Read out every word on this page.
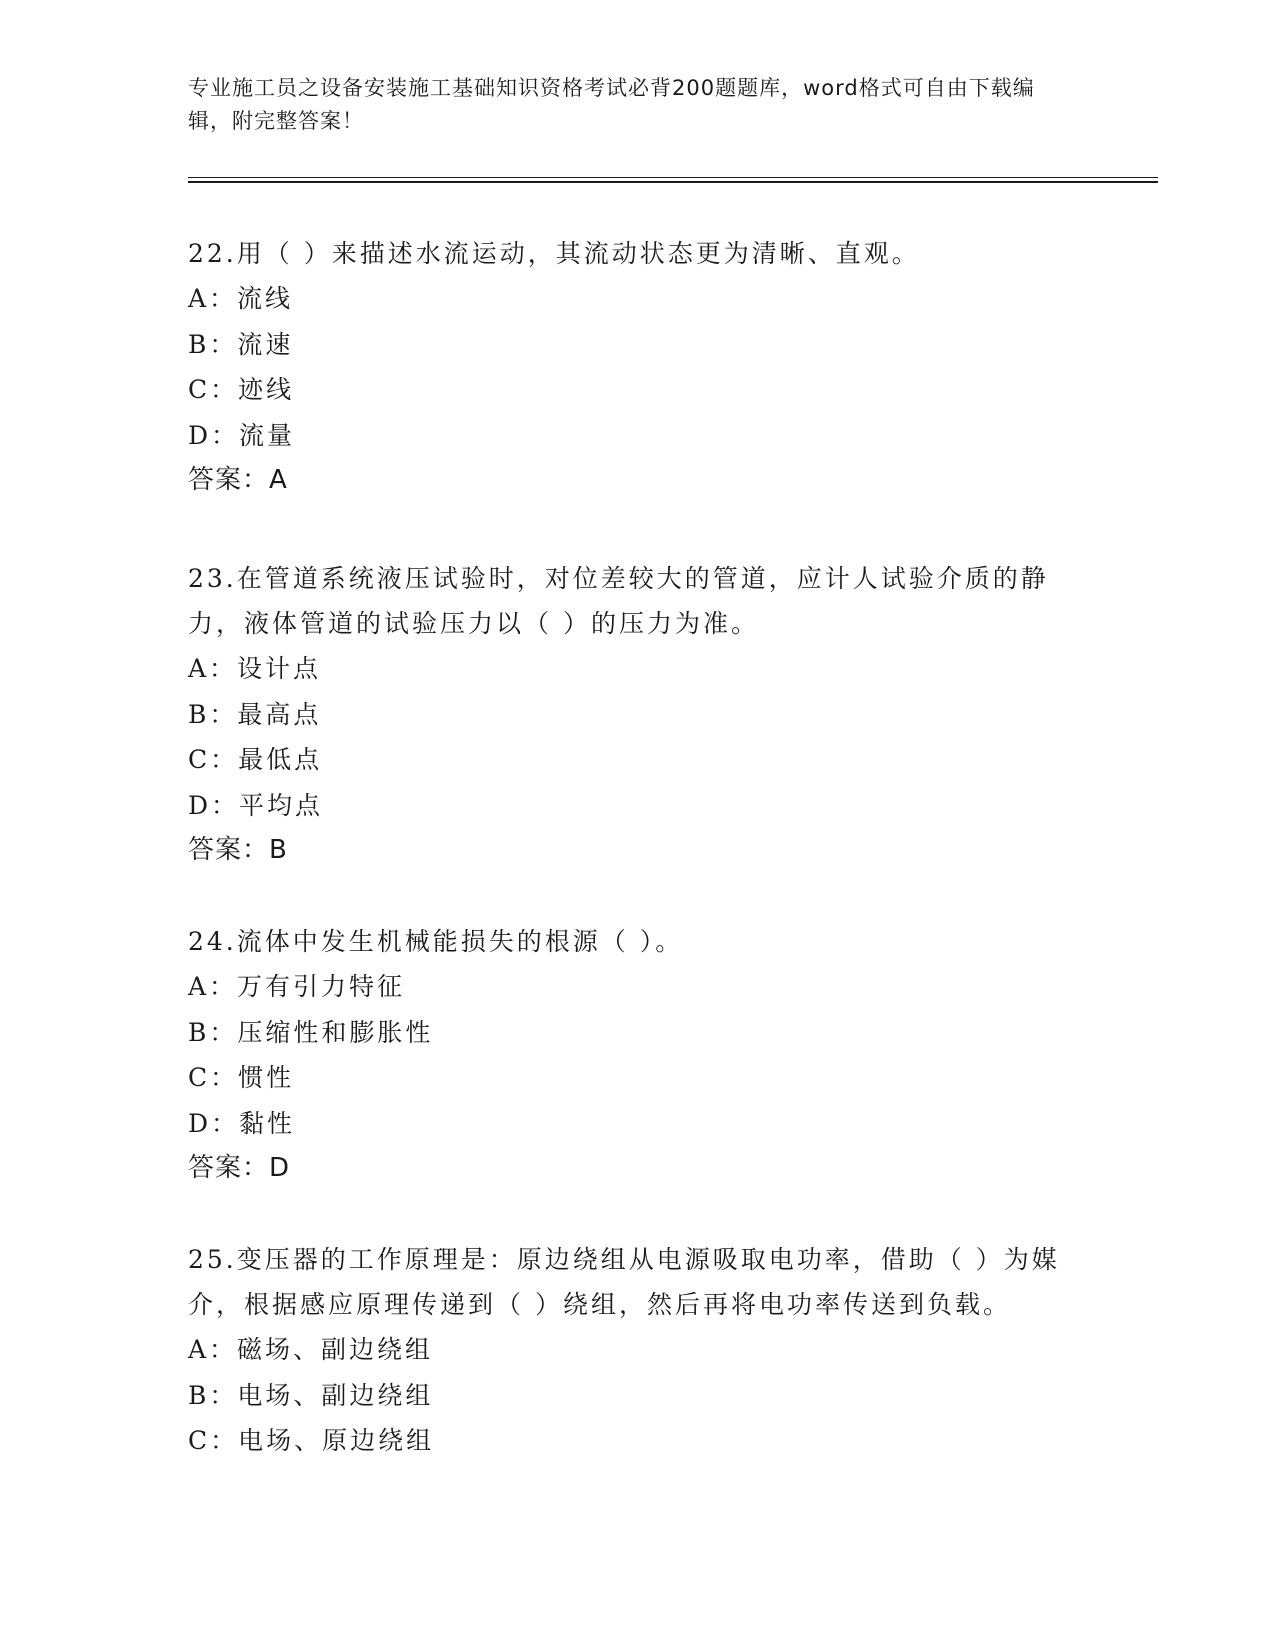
专业施工员之设备安装施工基础知识资格考试必背200题题库，word格式可自由下载编辑，附完整答案！
22.用（ ）来描述水流运动，其流动状态更为清晰、直观。
A：流线
B：流速
C：迹线
D：流量
答案：A
23.在管道系统液压试验时，对位差较大的管道，应计人试验介质的静力，液体管道的试验压力以（ ）的压力为准。
A：设计点
B：最高点
C：最低点
D：平均点
答案：B
24.流体中发生机械能损失的根源（ ）。
A：万有引力特征
B：压缩性和膨胀性
C：惯性
D：黏性
答案：D
25.变压器的工作原理是：原边绕组从电源吸取电功率，借助（ ）为媒介，根据感应原理传递到（ ）绕组，然后再将电功率传送到负载。
A：磁场、副边绕组
B：电场、副边绕组
C：电场、原边绕组
